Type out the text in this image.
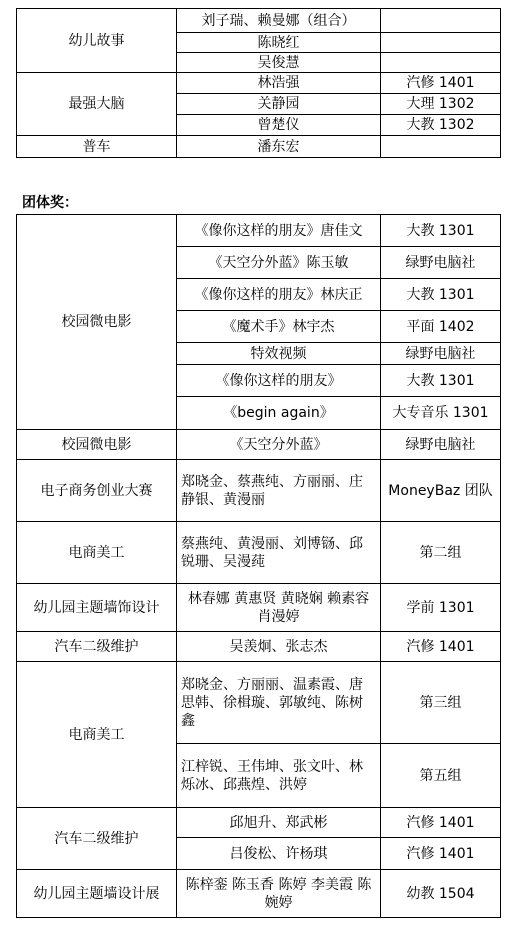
幼儿故事	刘子瑞、赖曼娜（组合）	
	陈晓红	
	吴俊慧	
最强大脑	林浩强	汽修 1401
	关静园	大理 1302
	曾楚仪	大教 1302
普车	潘东宏	
团体奖：
校园微电影	《像你这样的朋友》唐佳文	大教 1301
	《天空分外蓝》陈玉敏	绿野电脑社
	《像你这样的朋友》林庆正	大教 1301
	《魔术手》林宇杰	平面 1402
	特效视频	绿野电脑社
	《像你这样的朋友》	大教 1301
	《begin again》	大专音乐 1301
校园微电影	《天空分外蓝》	绿野电脑社
电子商务创业大赛	郑晓金、蔡燕纯、方丽丽、庄静银、黄漫丽	MoneyBaz 团队
电商美工	蔡燕纯、黄漫丽、刘博铴、邱锐珊、吴漫莼	第二组
幼儿园主题墙饰设计	林春娜 黄惠贤 黄晓娴 赖素容 肖漫婷	学前 1301
汽车二级维护	吴羡炯、张志杰	汽修 1401
电商美工	郑晓金、方丽丽、温素霞、唐思韩、徐楫璇、郭敏纯、陈树鑫	第三组
	江梓锐、王伟坤、张文叶、林烁冰、邱燕煌、洪婷	第五组
汽车二级维护	邱旭升、郑武彬	汽修 1401
	吕俊松、许杨琪	汽修 1401
幼儿园主题墙设计展	陈梓銮 陈玉香 陈婷 李美霞 陈婉婷	幼教 1504
